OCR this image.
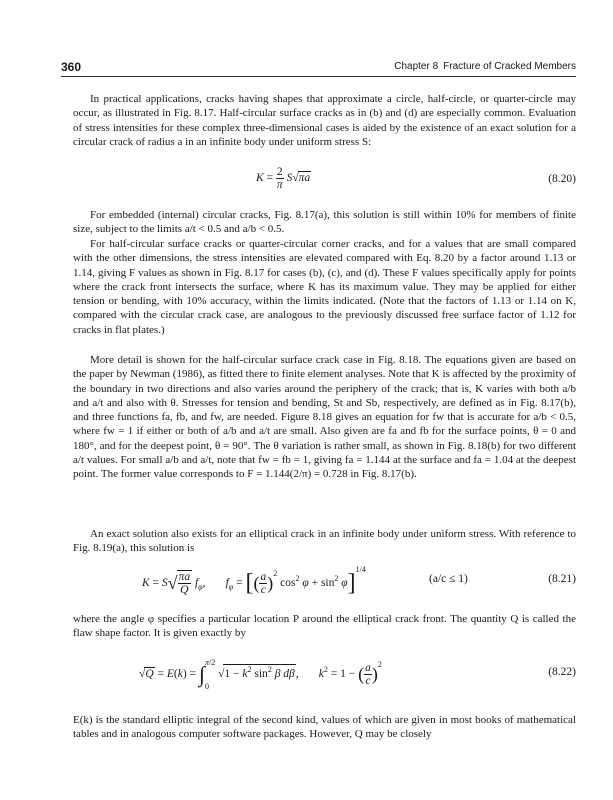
360	Chapter 8 Fracture of Cracked Members

In practical applications, cracks having shapes that approximate a circle, half-circle, or quarter-circle may occur, as illustrated in Fig. 8.17. Half-circular surface cracks as in (b) and (d) are especially common. Evaluation of stress intensities for these complex three-dimensional cases is aided by the existence of an exact solution for a circular crack of radius a in an infinite body under uniform stress S:

$K = \frac{2}{\pi} S√\pi a$	(8.20)

For embedded (internal) circular cracks, Fig. 8.17(a), this solution is still within 10% for members of finite size, subject to the limits a/t < 0.5 and a/b < 0.5.

For half-circular surface cracks or quarter-circular corner cracks, and for a values that are small compared with the other dimensions, the stress intensities are elevated compared with Eq. 8.20 by a factor around 1.13 or 1.14, giving F values as shown in Fig. 8.17 for cases (b), (c), and (d). These F values specifically apply for points where the crack front intersects the surface, where K has its maximum value. They may be applied for either tension or bending, with 10% accuracy, within the limits indicated. (Note that the factors of 1.13 or 1.14 on K, compared with the circular crack case, are analogous to the previously discussed free surface factor of 1.12 for cracks in flat plates.)

More detail is shown for the half-circular surface crack case in Fig. 8.18. The equations given are based on the paper by Newman (1986), as fitted there to finite element analyses. Note that K is affected by the proximity of the boundary in two directions and also varies around the periphery of the crack; that is, K varies with both a/b and a/t and also with θ. Stresses for tension and bending, St and Sb, respectively, are defined as in Fig. 8.17(b), and three functions fa, fb, and fw, are needed. Figure 8.18 gives an equation for fw that is accurate for a/b < 0.5, where fw = 1 if either or both of a/b and a/t are small. Also given are fa and fb for the surface points, θ = 0 and 180°, and for the deepest point, θ = 90°. The θ variation is rather small, as shown in Fig. 8.18(b) for two different a/t values. For small a/b and a/t, note that fw = fb = 1, giving fa = 1.144 at the surface and fa = 1.04 at the deepest point. The former value corresponds to F = 1.144(2/π) = 0.728 in Fig. 8.17(b).

An exact solution also exists for an elliptical crack in an infinite body under uniform stress. With reference to Fig. 8.19(a), this solution is

$K = S√ \frac{\pi a}{Q} f_\varphi$,       $f_\varphi$ = [( $\frac{a}{c} )^2$ $\cos^2 \varphi + \sin^2 \varphi]^{1/4}$
(a/c ≤ 1)	(8.21)

where the angle φ specifies a particular location P around the elliptical crack front. The quantity Q is called the flaw shape factor. It is given exactly by

$√Q = E(k) = \int_0^{\pi/2}$ $√1 - k^2$ $\sin^2 \beta$ dβ,       $k^2 = 1$ − ( $\frac{a}{c} )^2$
(8.22)

E(k) is the standard elliptic integral of the second kind, values of which are given in most books of mathematical tables and in analogous computer software packages. However, Q may be closely
